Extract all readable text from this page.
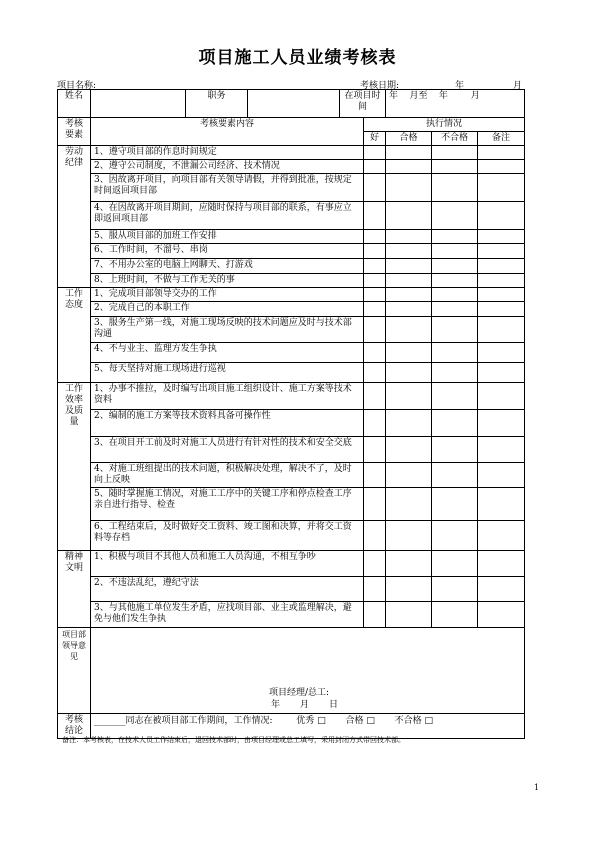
项目施工人员业绩考核表
项目名称:	考核日期:	年	月
姓名		职务		在项目时间		年    月至    年        月		
考核要素	考核要素内容				执行情况			
					好	合格	不合格	备注
劳动纪律	1、遵守项目部的作息时间规定							
	2、遵守公司制度，不泄漏公司经济、技术情况							
	3、因故离开项目，向项目部有关领导请假，并得到批准，按规定时间返回项目部							
	4、在因故离开项目期间，应随时保持与项目部的联系，有事应立即返回项目部							
	5、服从项目部的加班工作安排							
	6、工作时间，不溜号、串岗							
	7、不用办公室的电脑上网聊天、打游戏							
	8、上班时间，不做与工作无关的事							
工作态度	1、完成项目部领导交办的工作							
	2、完成自己的本职工作							
	3、服务生产第一线，对施工现场反映的技术问题应及时与技术部沟通							
	4、不与业主、监理方发生争执							
	5、每天坚持对施工现场进行巡视							
工作效率及质量	1、办事不推拉，及时编写出项目施工组织设计、施工方案等技术资料							
	2、编制的施工方案等技术资料具备可操作性							
	3、在项目开工前及时对施工人员进行有针对性的技术和安全交底							
	4、对施工班组提出的技术问题，积极解决处理，解决不了，及时向上反映							
	5、随时掌握施工情况，对施工工序中的关键工序和停点检查工序亲自进行指导、检查							
	6、工程结束后，及时做好交工资料、竣工图和决算，并将交工资料等存档							
精神文明	1、积极与项目不其他人员和施工人员沟通，不相互争吵							
	2、不违法乱纪，遵纪守法							
	3、与其他施工单位发生矛盾，应找项目部、业主或监理解决，避免与他们发生争执							
项目部领导意见	项目经理/总工:
年       月       日							

考核结论	_______同志在被项目部工作期间，工作情况: 优秀 □ 合格 □ 不合格 □							
备注：本考核表，在技术人员工作结束后，退回技术部时，由项目经理或总工填写，采用封闭方式带回技术部。
1
